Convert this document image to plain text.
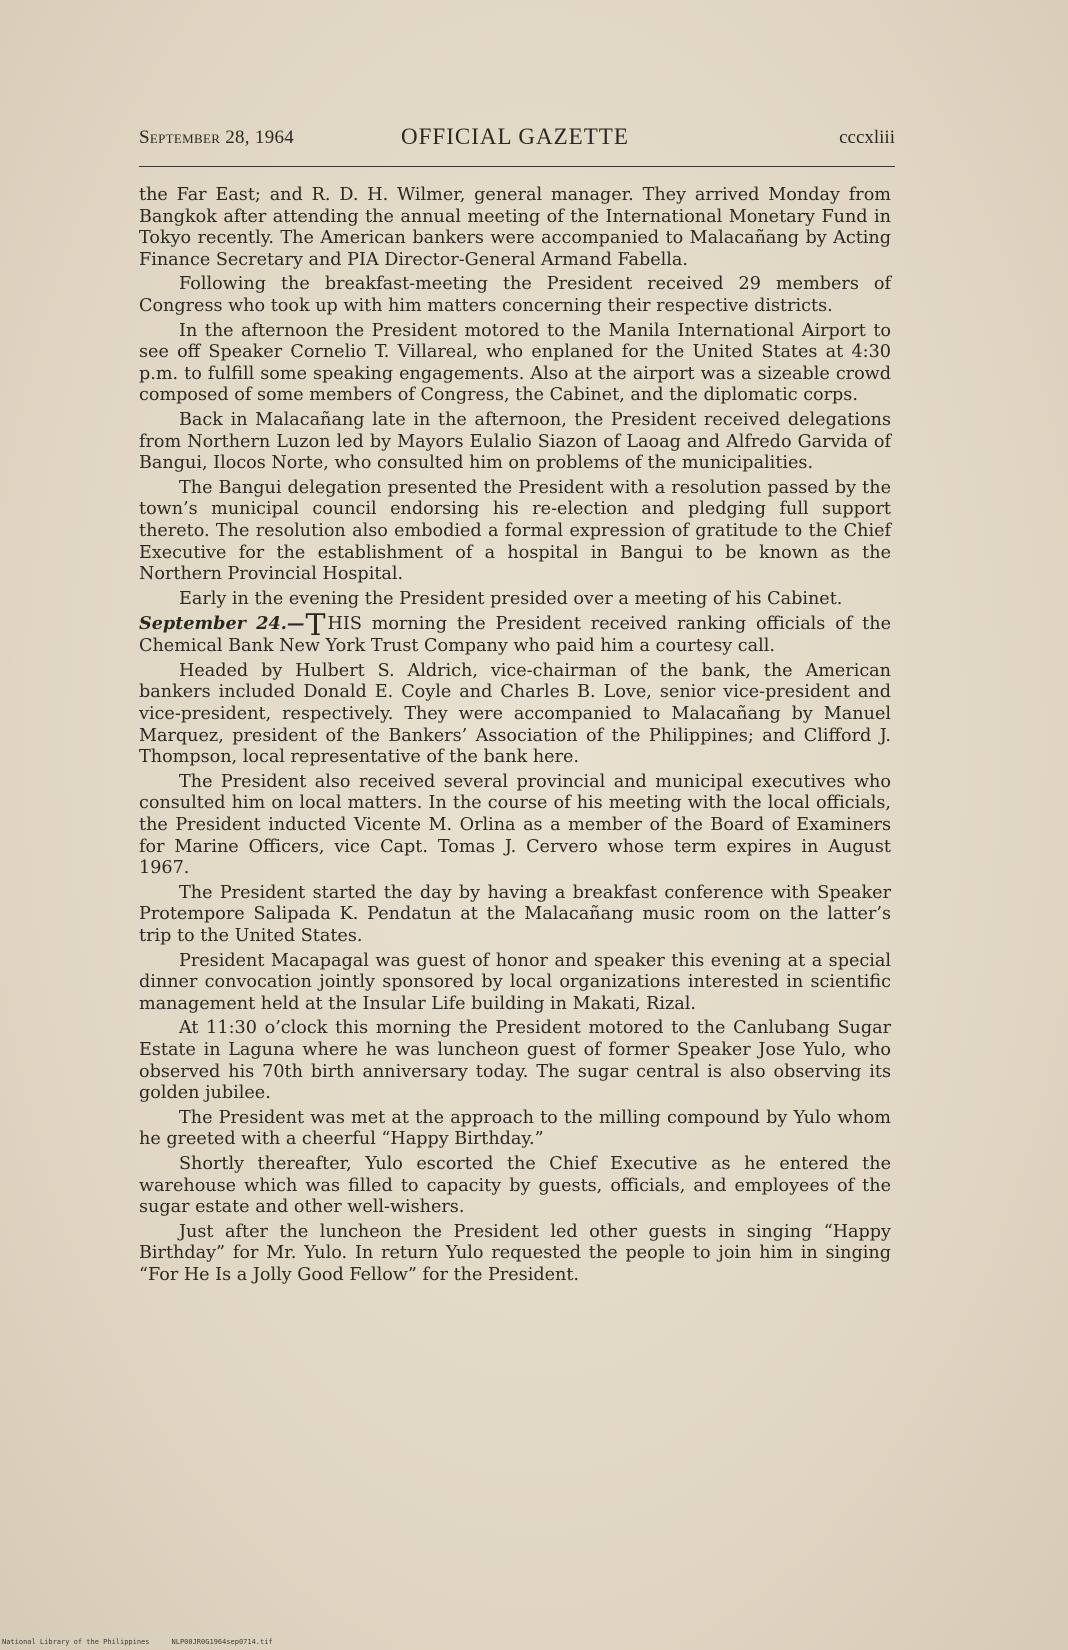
September 28, 1964	OFFICIAL GAZETTE	cccxliii

the Far East; and R. D. H. Wilmer, general manager. They arrived Monday from Bangkok after attending the annual meeting of the International Monetary Fund in Tokyo recently. The American bankers were accompanied to Malacañang by Acting Finance Secretary and PIA Director-General Armand Fabella.

Following the breakfast-meeting the President received 29 members of Congress who took up with him matters concerning their respective districts.

In the afternoon the President motored to the Manila International Airport to see off Speaker Cornelio T. Villareal, who enplaned for the United States at 4:30 p.m. to fulfill some speaking engagements. Also at the airport was a sizeable crowd composed of some members of Congress, the Cabinet, and the diplomatic corps.

Back in Malacañang late in the afternoon, the President received delegations from Northern Luzon led by Mayors Eulalio Siazon of Laoag and Alfredo Garvida of Bangui, Ilocos Norte, who consulted him on problems of the municipalities.

The Bangui delegation presented the President with a resolution passed by the town’s municipal council endorsing his re-election and pledging full support thereto. The resolution also embodied a formal expression of gratitude to the Chief Executive for the establishment of a hospital in Bangui to be known as the Northern Provincial Hospital.

Early in the evening the President presided over a meeting of his Cabinet.

September 24.—T HIS morning the President received ranking officials of the Chemical Bank New York Trust Company who paid him a courtesy call.

Headed by Hulbert S. Aldrich, vice-chairman of the bank, the American bankers included Donald E. Coyle and Charles B. Love, senior vice-president and vice-president, respectively. They were accompanied to Malacañang by Manuel Marquez, president of the Bankers’ Association of the Philippines; and Clifford J. Thompson, local representative of the bank here.

The President also received several provincial and municipal executives who consulted him on local matters. In the course of his meeting with the local officials, the President inducted Vicente M. Orlina as a member of the Board of Examiners for Marine Officers, vice Capt. Tomas J. Cervero whose term expires in August 1967.

The President started the day by having a breakfast conference with Speaker Protempore Salipada K. Pendatun at the Malacañang music room on the latter’s trip to the United States.

President Macapagal was guest of honor and speaker this evening at a special dinner convocation jointly sponsored by local organizations interested in scientific management held at the Insular Life building in Makati, Rizal.

At 11:30 o’clock this morning the President motored to the Canlubang Sugar Estate in Laguna where he was luncheon guest of former Speaker Jose Yulo, who observed his 70th birth anniversary today. The sugar central is also observing its golden jubilee.

The President was met at the approach to the milling compound by Yulo whom he greeted with a cheerful “Happy Birthday.”

Shortly thereafter, Yulo escorted the Chief Executive as he entered the warehouse which was filled to capacity by guests, officials, and employees of the sugar estate and other well-wishers.

Just after the luncheon the President led other guests in singing “Happy Birthday” for Mr. Yulo. In return Yulo requested the people to join him in singing “For He Is a Jolly Good Fellow” for the President.

National Library of the Philippines	NLP00JR0G1964sep0714.tif
